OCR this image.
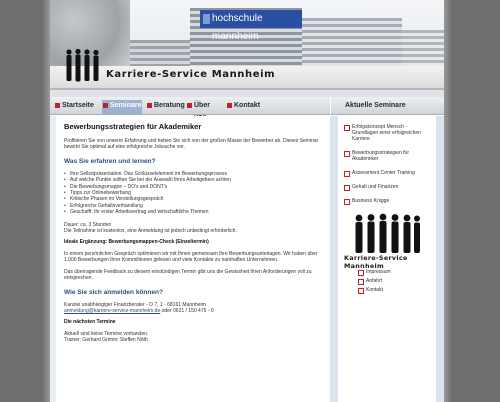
hochschule mannheim
Karriere-Service Mannheim
Startseite	Seminare	Beratung	Über	Kontakt	Aktuelle Seminare
Bewerbungsstrategien für Akademiker

Profitieren Sie von unserer Erfahrung und heben Sie sich von der großen Masse der Bewerber ab. Dieses Seminar bewirkt Sie optimal auf eine erfolgreiche Jobsuche vor.

Was Sie erfahren und lernen?
• Ihre Selbstpräsentation: Das Schlüsselelement im Bewerbungsprozess
• Auf welche Punkte sollten Sie bei der Auswahl Ihres Arbeitgebers achten
• Die Bewerbungsmappe – DO's and DONT's
• Tipps zur Onlinebewerbung
• Kritische Phasen im Vorstellungsgespräch
• Erfolgreiche Gehaltsverhandlung
• Geschafft: Ihr erster Arbeitsvertrag und wirtschaftliche Themen

Dauer: ca. 3 Stunden

Die Teilnahme ist kostenlos, eine Anmeldung ist jedoch unbedingt erforderlich.

Ideale Ergänzung: Bewerbungsmappen-Check (Einzeltermin)

In einem persönlichen Gespräch optimieren wir mit Ihnen gemeinsam Ihre Bewerbungsunterlagen. Wir haben über 1.000 Bewerbungen Ihrer Kommilitonen gelesen und viele Kontakte zu namhaften Unternehmen.

Das überragende Feedback zu diesem einstündigen Termin gibt uns die Gewissheit Ihren Anforderungen voll zu entsprechen.

Wie Sie sich anmelden können?

Kanzlei unabhängiger Finanzberater - O 7, 1 - 68161 Mannheim

anmeldung@karriere-service-mannheim.de oder 0621 / 150 475 - 0

Die nächsten Termine

Aktuell sind keine Termine vorhanden.

Trainer: Gerhard Grimm; Steffen Nöth

Erfolgskonzept Mensch - Grundlagen einer erfolgreichen Karriere
Bewerbungsstrategien für Akademiker
Assessment Center Training
Gehalt und Finanzen
Business Knigge
Karriere-Service Mannheim
Impressum
Anfahrt
Kontakt
